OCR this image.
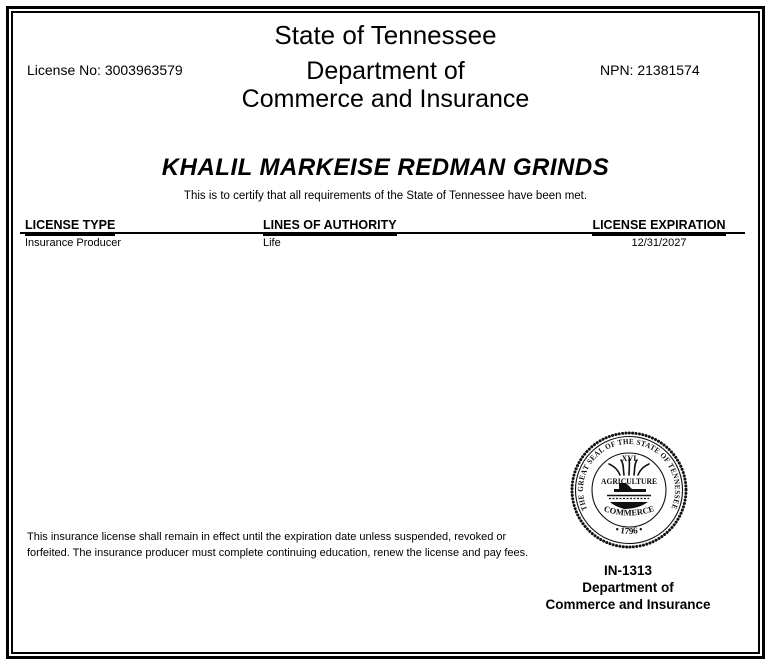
State of Tennessee
License No: 3003963579	Department of
Commerce and Insurance
NPN: 21381574
KHALIL MARKEISE REDMAN GRINDS
This is to certify that all requirements of the State of Tennessee have been met.
LICENSE TYPE	LINES OF AUTHORITY	LICENSE EXPIRATION
Insurance Producer	Life	12/31/2027
THE GREAT SEAL OF THE STATE OF TENNESSEE
• 1796 •
XVI
AGRICULTURE
COMMERCE
This insurance license shall remain in effect until the expiration date unless suspended, revoked or
forfeited. The insurance producer must complete continuing education, renew the license and pay fees.
IN-1313
Department of
Commerce and Insurance
